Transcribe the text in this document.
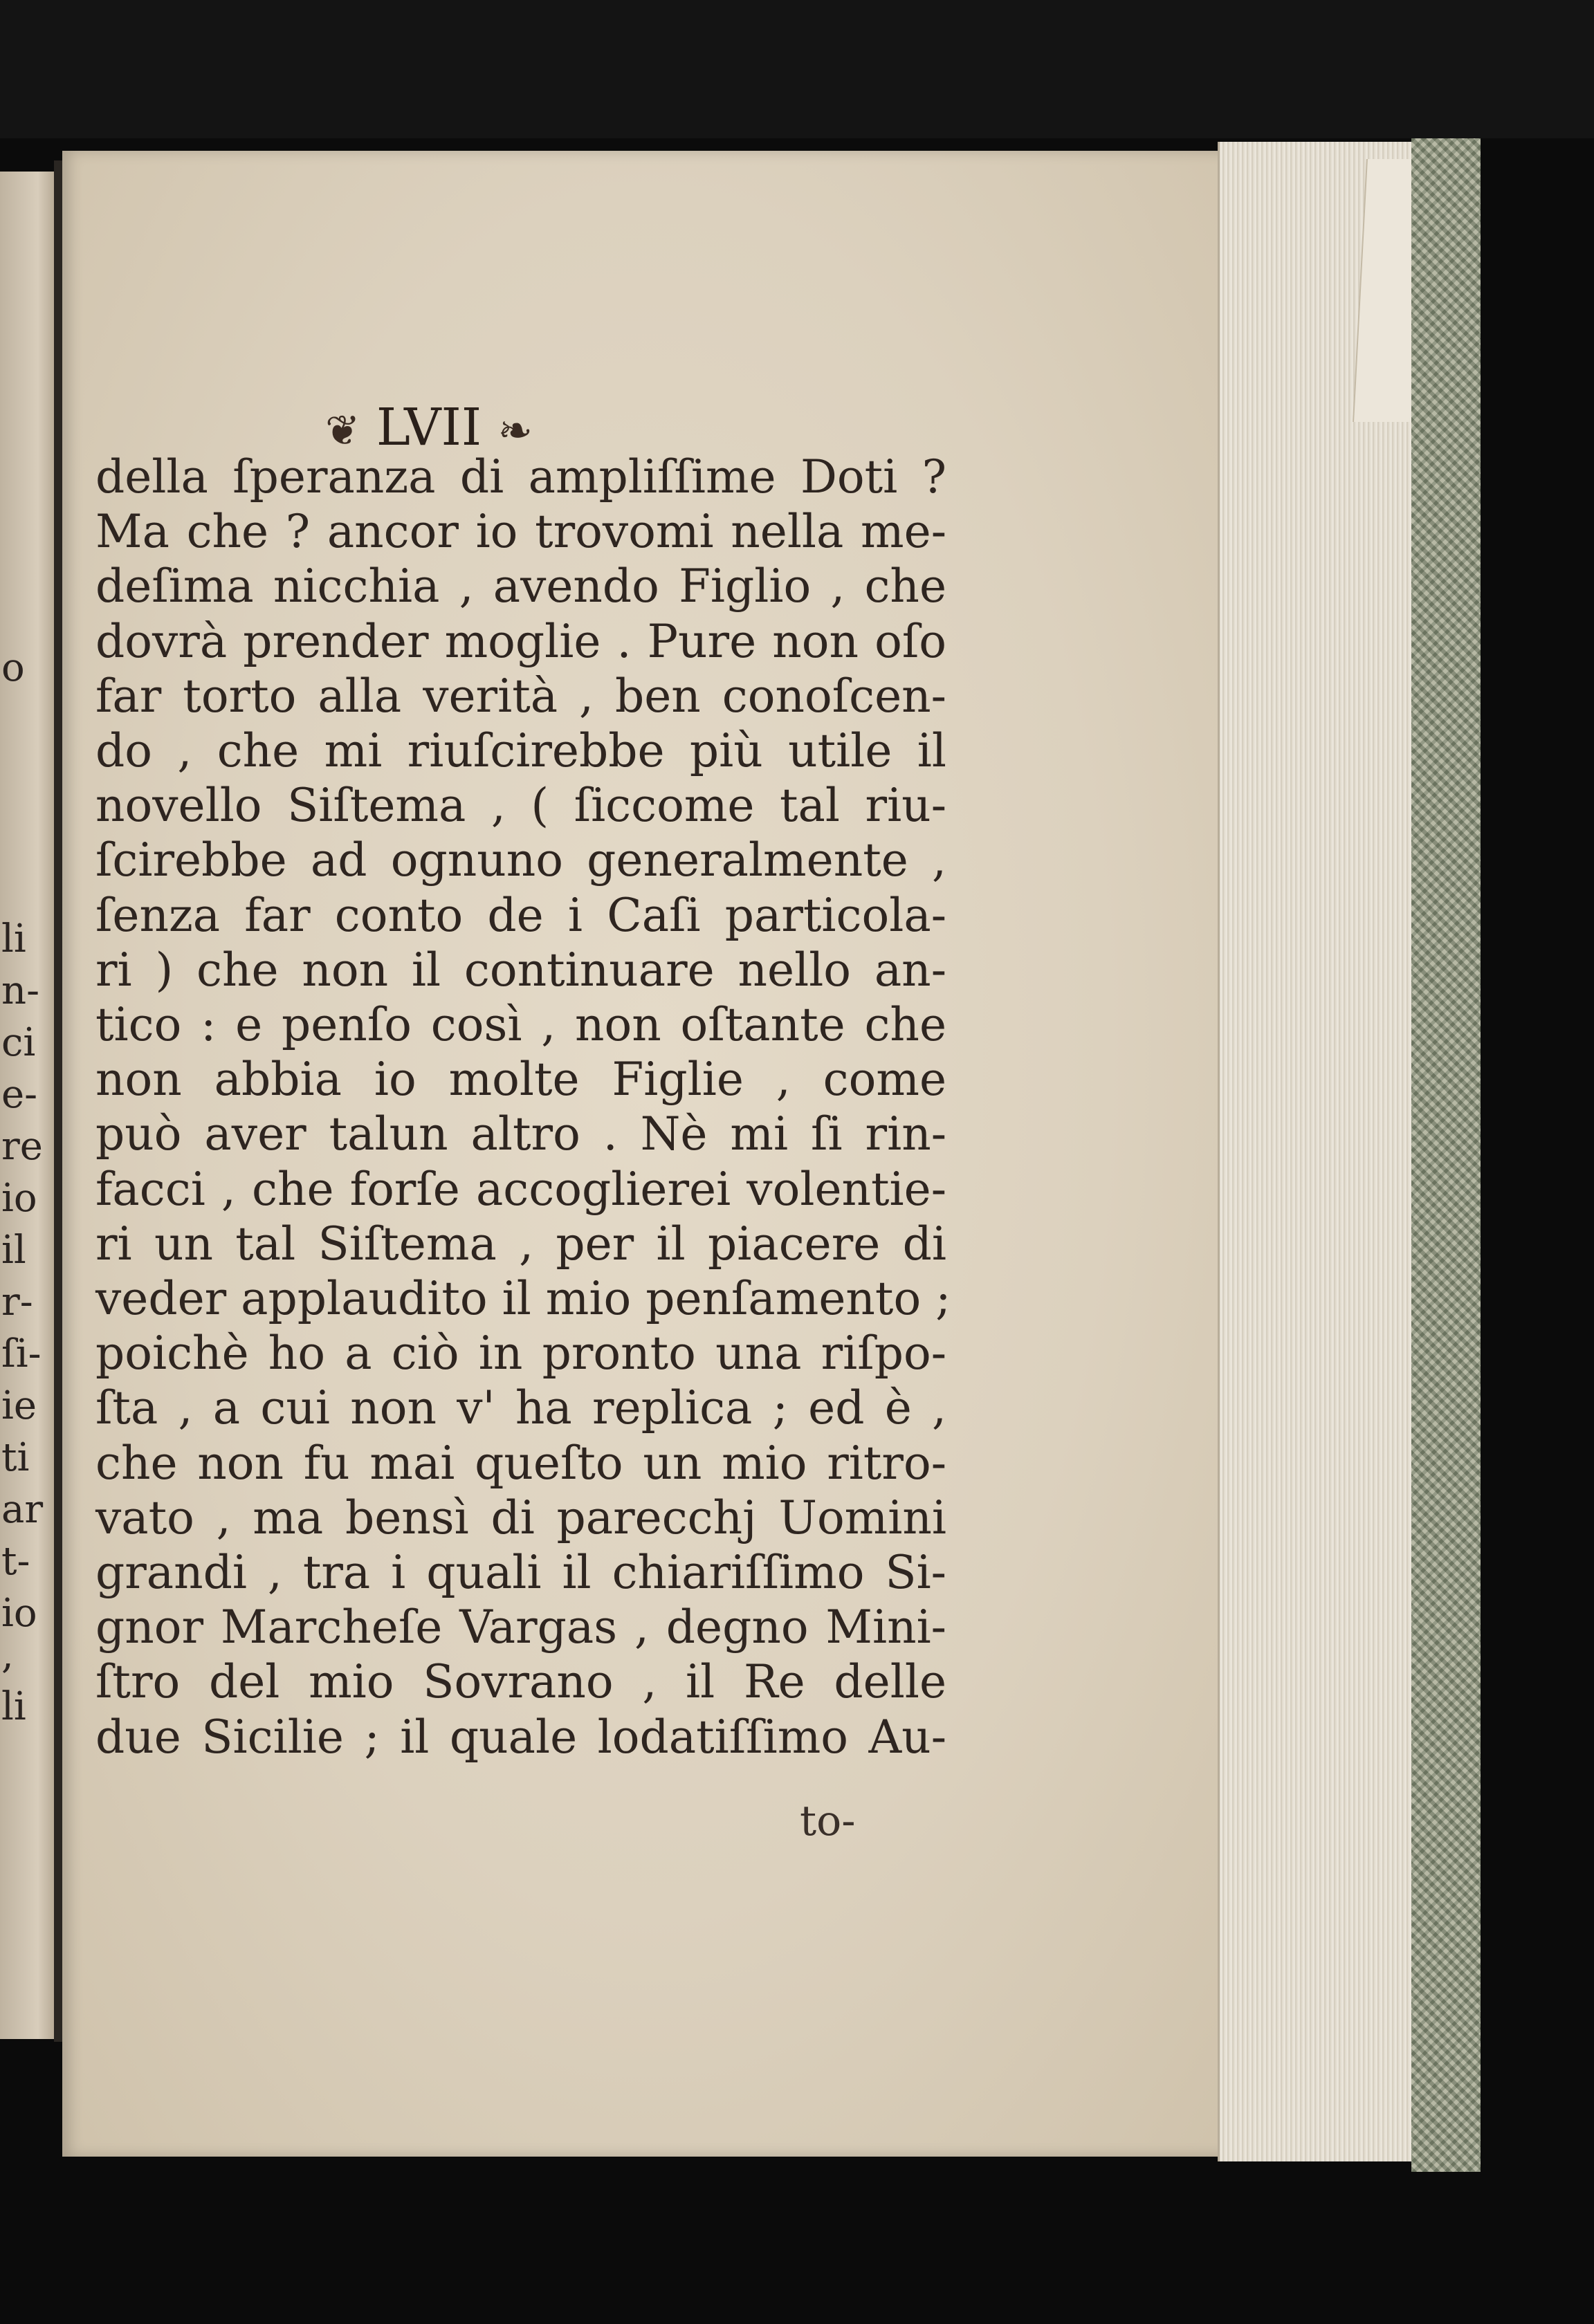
o
li
n-
ci
e-
re
io
il
r-
ſi-
ie
ti
ar
t-
io
,
li
❦ LVII ❧
della ſperanza di ampliſſime Doti ?
Ma che ? ancor io trovomi nella me-
deſima nicchia , avendo Figlio , che
dovrà prender moglie . Pure non oſo
far torto alla verità , ben conoſcen-
do , che mi riuſcirebbe più utile il
novello Siſtema , ( ſiccome tal riu-
ſcirebbe ad ognuno generalmente ,
ſenza far conto de i Caſi particola-
ri ) che non il continuare nello an-
tico : e penſo così , non oſtante che
non abbia io molte Figlie , come
può aver talun altro . Nè mi ſi rin-
facci , che forſe accoglierei volentie-
ri un tal Siſtema , per il piacere di
veder applaudito il mio penſamento ;
poichè ho a ciò in pronto una riſpo-
ſta , a cui non v' ha replica ; ed è ,
che non fu mai queſto un mio ritro-
vato , ma bensì di parecchj Uomini
grandi , tra i quali il chiariſſimo Si-
gnor Marcheſe Vargas , degno Mini-
ſtro del mio Sovrano , il Re delle
due Sicilie ; il quale lodatiſſimo Au-
to-
